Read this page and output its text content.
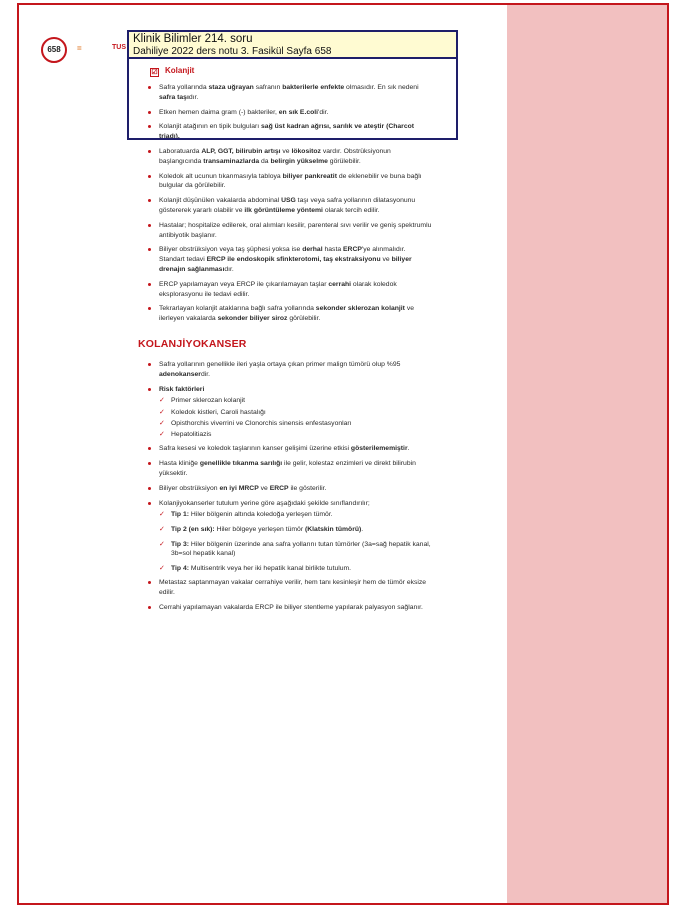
658	=	TUS
☑ Kolanjit
Safra yollarında staza uğrayan safranın bakterilerle enfekte olmasıdır. En sık nedeni safra taşıdır.
Etken hemen daima gram (-) bakteriler, en sık E.coli'dir.
Kolanjit atağının en tipik bulguları sağ üst kadran ağrısı, sarılık ve ateştir (Charcot triadı).
Laboratuarda ALP, GGT, bilirubin artışı ve lökositoz vardır. Obstrüksiyonun başlangıcında transaminazlarda da belirgin yükselme görülebilir.
Koledok alt ucunun tıkanmasıyla tabloya biliyer pankreatit de eklenebilir ve buna bağlı bulgular da görülebilir.
Kolanjit düşünülen vakalarda abdominal USG taşı veya safra yollarının dilatasyonunu göstererek yararlı olabilir ve ilk görüntüleme yöntemi olarak tercih edilir.
Hastalar; hospitalize edilerek, oral alımları kesilir, parenteral sıvı verilir ve geniş spektrumlu antibiyotik başlanır.
Biliyer obstrüksiyon veya taş şüphesi yoksa ise derhal hasta ERCP'ye alınmalıdır. Standart tedavi ERCP ile endoskopik sfinkterotomi, taş ekstraksiyonu ve biliyer drenajın sağlanmasıdır.
ERCP yapılamayan veya ERCP ile çıkarılamayan taşlar cerrahi olarak koledok eksplorasyonu ile tedavi edilir.
Tekrarlayan kolanjit ataklarına bağlı safra yollarında sekonder sklerozan kolanjit ve ilerleyen vakalarda sekonder biliyer siroz görülebilir.
KOLANJİYOKANSER
Safra yollarının genellikle ileri yaşla ortaya çıkan primer malign tümörü olup %95 adenokanserdir.
Risk faktörleri
✓ Primer sklerozan kolanjit
✓ Koledok kistleri, Caroli hastalığı
✓ Opisthorchis viverrini ve Clonorchis sinensis enfestasyonları
✓ Hepatolitiazis
Safra kesesi ve koledok taşlarının kanser gelişimi üzerine etkisi gösterilememiştir.
Hasta kliniğe genellikle tıkanma sarılığı ile gelir, kolestaz enzimleri ve direkt bilirubin yüksektir.
Biliyer obstrüksiyon en iyi MRCP ve ERCP ile gösterilir.
Kolanjiyokanserler tutulum yerine göre aşağıdaki şekilde sınıflandırılır;
✓ Tip 1: Hiler bölgenin altında koledoğa yerleşen tümör.
✓ Tip 2 (en sık): Hiler bölgeye yerleşen tümör (Klatskin tümörü).
✓ Tip 3: Hiler bölgenin üzerinde ana safra yollarını tutan tümörler (3a=sağ hepatik kanal, 3b=sol hepatik kanal)
✓ Tip 4: Multisentrik veya her iki hepatik kanal birlikte tutulum.
Metastaz saptanmayan vakalar cerrahiye verilir, hem tanı kesinleşir hem de tümör eksize edilir.
Cerrahi yapılamayan vakalarda ERCP ile biliyer stentleme yapılarak palyasyon sağlanır.
Klinik Bilimler 214. soru
Dahiliye 2022 ders notu 3. Fasikül Sayfa 658
